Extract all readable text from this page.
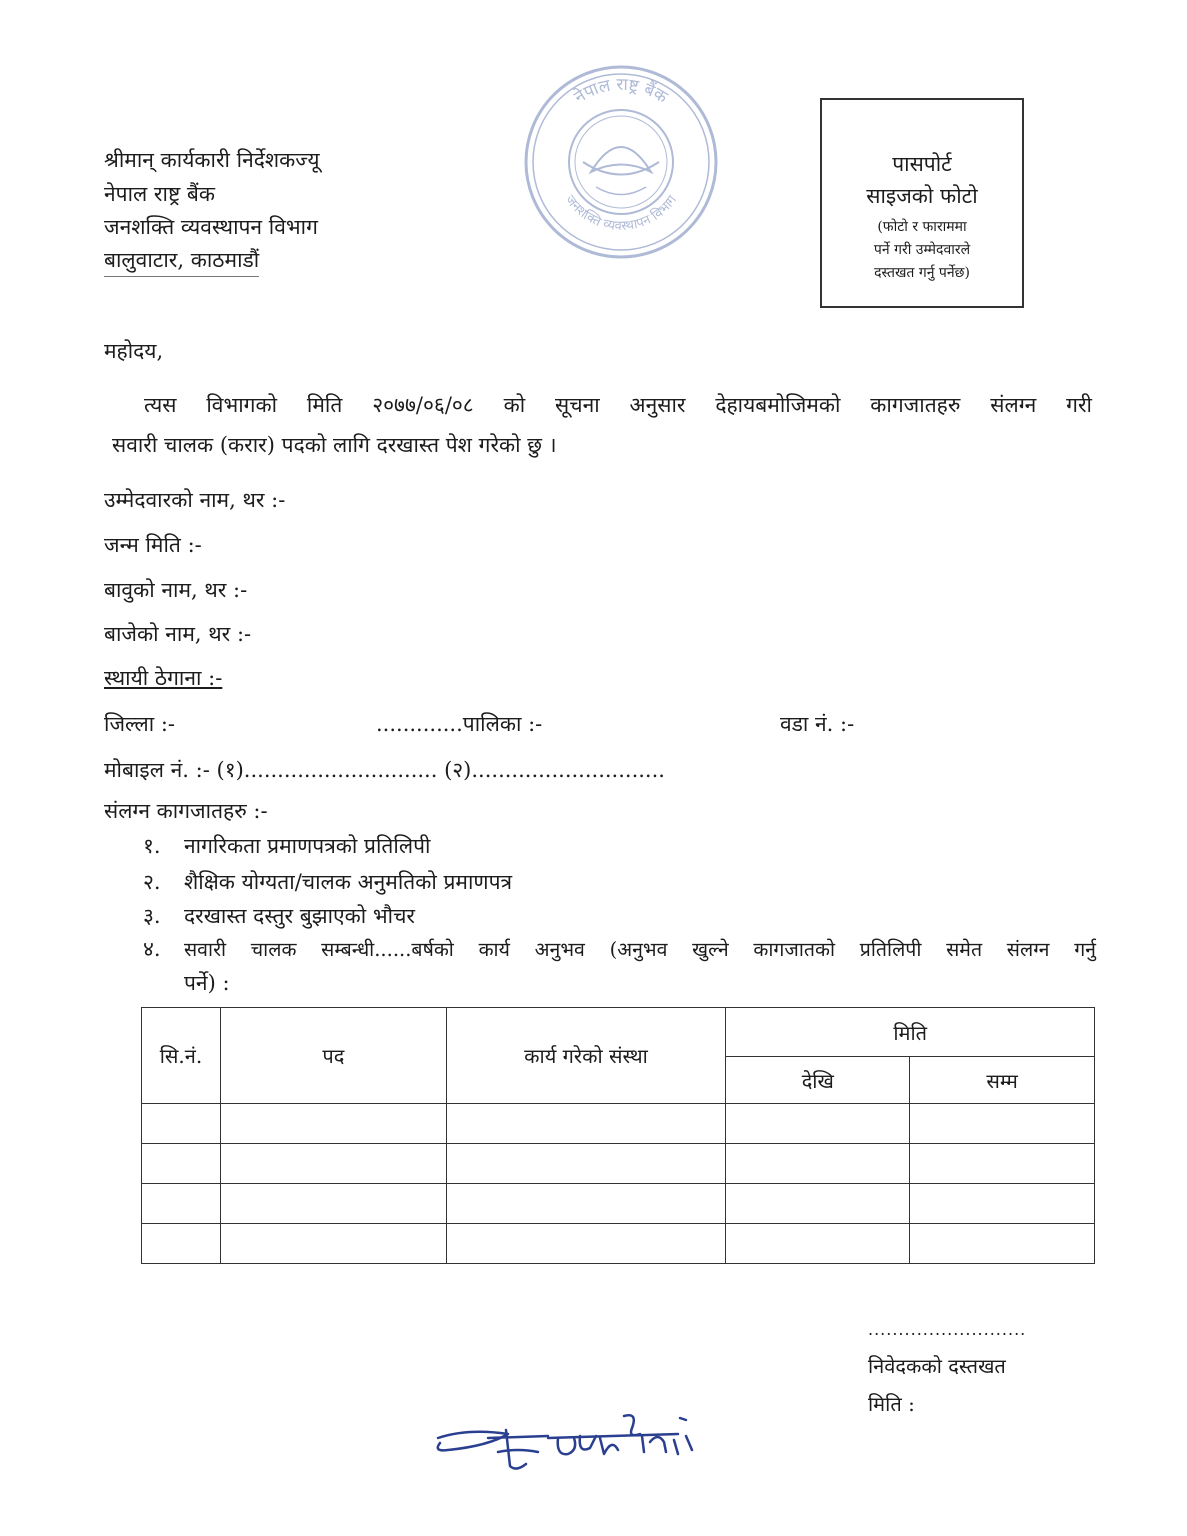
श्रीमान् कार्यकारी निर्देशकज्यू
नेपाल राष्ट्र बैंक
जनशक्ति व्यवस्थापन विभाग
बालुवाटार, काठमाडौं
नेपाल राष्ट्र बैंक
जनशक्ति व्यवस्थापन विभाग
पासपोर्ट
साइजको फोटो
(फोटो र फाराममा
पर्ने गरी उम्मेदवारले
दस्तखत गर्नु पर्नेछ)
महोदय,
त्यस विभागको मिति २०७७/०६/०८ को सूचना अनुसार देहायबमोजिमको कागजातहरु संलग्न गरी
सवारी चालक (करार) पदको लागि दरखास्त पेश गरेको छु ।
उम्मेदवारको नाम, थर :-
जन्म मिति :-
बावुको नाम, थर :-
बाजेको नाम, थर :-
स्थायी ठेगाना :-
जिल्ला :-	.............पालिका :-	वडा नं. :-
मोबाइल नं. :- (१)............................. (२).............................
संलग्न कागजातहरु :-
१. नागरिकता प्रमाणपत्रको प्रतिलिपी
२. शैक्षिक योग्यता/चालक अनुमतिको प्रमाणपत्र
३. दरखास्त दस्तुर बुझाएको भौचर
४. सवारी चालक सम्बन्धी......बर्षको कार्य अनुभव (अनुभव खुल्ने कागजातको प्रतिलिपी समेत संलग्न गर्नु
पर्ने) :
सि.नं.	पद	कार्य गरेको संस्था	मिति	
			देखि	सम्म

..........................
निवेदकको दस्तखत
मिति :
